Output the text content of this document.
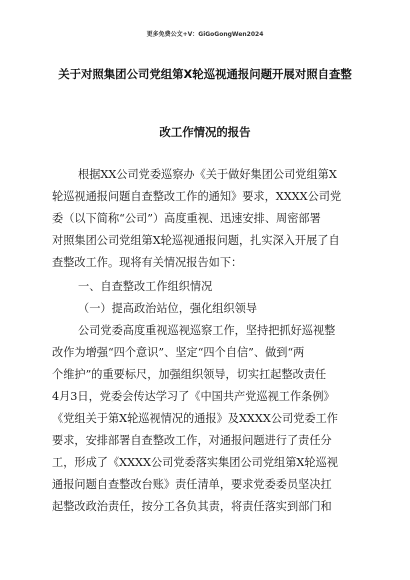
更多免费公文+V：GiGoGongWen2024
关于对照集团公司党组第X轮巡视通报问题开展对照自查整
改工作情况的报告
根据XX公司党委巡察办《关于做好集团公司党组第X
轮巡视通报问题自查整改工作的通知》要求，XXXX公司党
委（以下简称“公司”）高度重视、迅速安排、周密部署
对照集团公司党组第X轮巡视通报问题，扎实深入开展了自
查整改工作。现将有关情况报告如下：
一、自查整改工作组织情况
（一）提高政治站位，强化组织领导
公司党委高度重视巡视巡察工作，坚持把抓好巡视整
改作为增强“四个意识”、坚定“四个自信”、做到“两
个维护”的重要标尺，加强组织领导，切实扛起整改责任
4月3日，党委会传达学习了《中国共产党巡视工作条例》
《党组关于第X轮巡视情况的通报》及XXXX公司党委工作
要求，安排部署自查整改工作，对通报问题进行了责任分
工，形成了《XXXX公司党委落实集团公司党组第X轮巡视
通报问题自查整改台账》责任清单，要求党委委员坚决扛
起整改政治责任，按分工各负其责，将责任落实到部门和
